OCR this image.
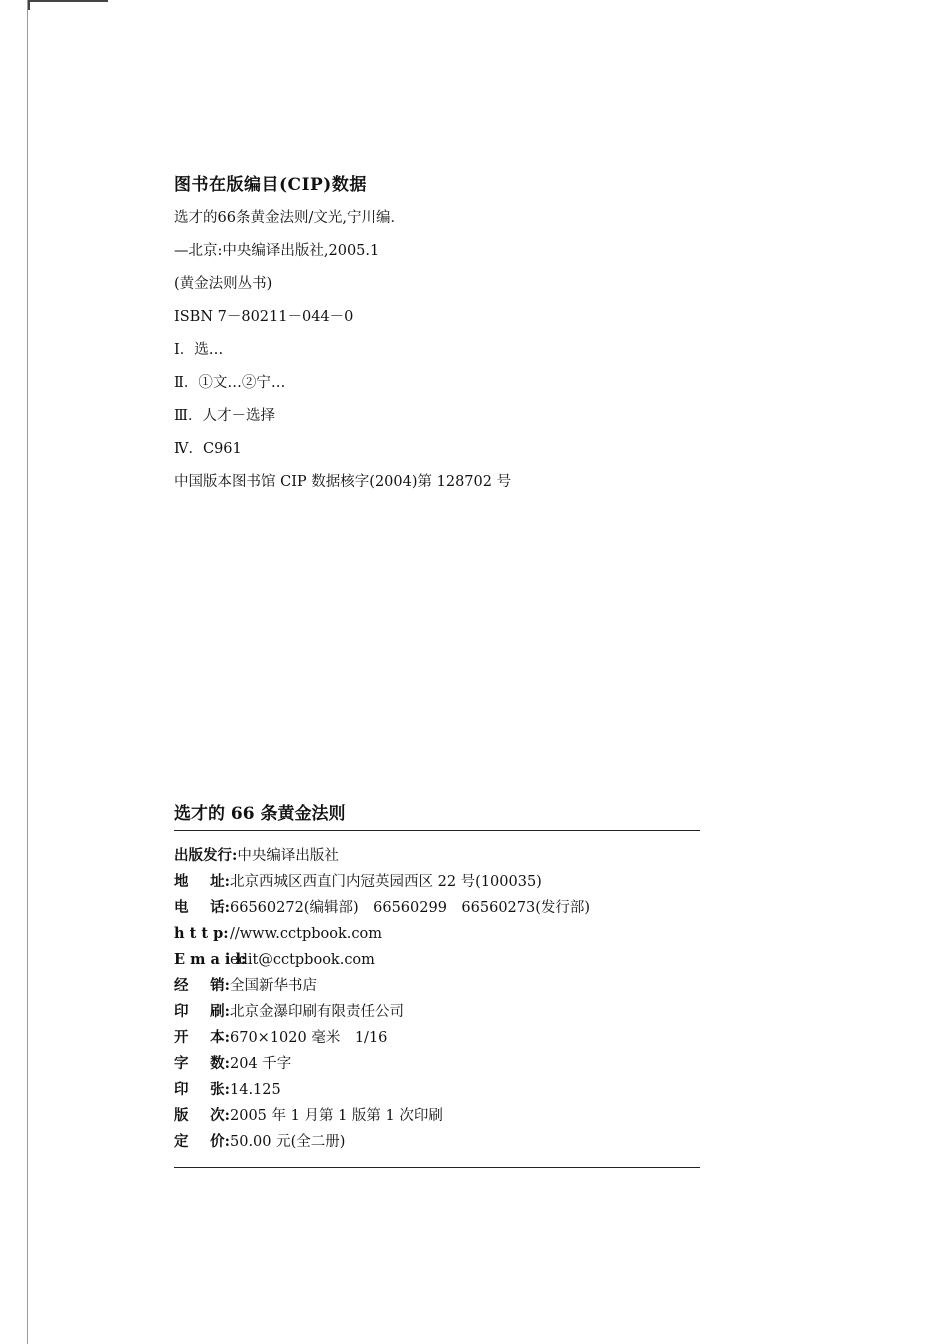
图书在版编目(CIP)数据
选才的66条黄金法则/文光,宁川编．
—北京:中央编译出版社,2005.1
(黄金法则丛书)
ISBN 7－80211－044－0
Ⅰ．选…
Ⅱ．①文…②宁…
Ⅲ．人才－选择
Ⅳ．C961
中国版本图书馆 CIP 数据核字(2004)第 128702 号
选才的 66 条黄金法则
出版发行: 中央编译出版社
地 址: 北京西城区西直门内冠英园西区 22 号(100035)
电 话: 66560272(编辑部)　66560299　66560273(发行部)
h t t p: //www.cctpbook.com
E m a i l:
edit@cctpbook.com
经 销: 全国新华书店
印 刷: 北京金瀑印刷有限责任公司
开 本: 670×1020 毫米　1/16
字 数: 204 千字
印 张: 14.125
版 次: 2005 年 1 月第 1 版第 1 次印刷
定 价: 50.00 元(全二册)
